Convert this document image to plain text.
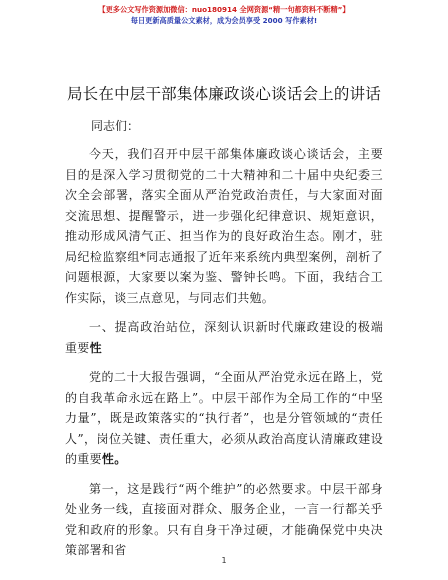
【更多公文写作资源加微信：nuo180914 全网资源“精一句都资料不断精”】
每日更新高质量公文素材，成为会员享受 2000 写作素材!
局长在中层干部集体廉政谈心谈话会上的讲话
同志们：

今天，我们召开中层干部集体廉政谈心谈话会，主要目的是深入学习贯彻党的二十大精神和二十届中央纪委三次全会部署，落实全面从严治党政治责任，与大家面对面交流思想、提醒警示，进一步强化纪律意识、规矩意识，推动形成风清气正、担当作为的良好政治生态。刚才，驻局纪检监察组*同志通报了近年来系统内典型案例，剖析了问题根源，大家要以案为鉴、警钟长鸣。下面，我结合工作实际，谈三点意见，与同志们共勉。

一、提高政治站位，深刻认识新时代廉政建设的极端重要性

党的二十大报告强调，“全面从严治党永远在路上，党的自我革命永远在路上”。中层干部作为全局工作的“中坚力量”，既是政策落实的“执行者”，也是分管领域的“责任人”，岗位关键、责任重大，必须从政治高度认清廉政建设的重要性。

第一，这是践行“两个维护”的必然要求。中层干部身处业务一线，直接面对群众、服务企业，一言一行都关乎党和政府的形象。只有自身干净过硬，才能确保党中央决策部署和省

1
